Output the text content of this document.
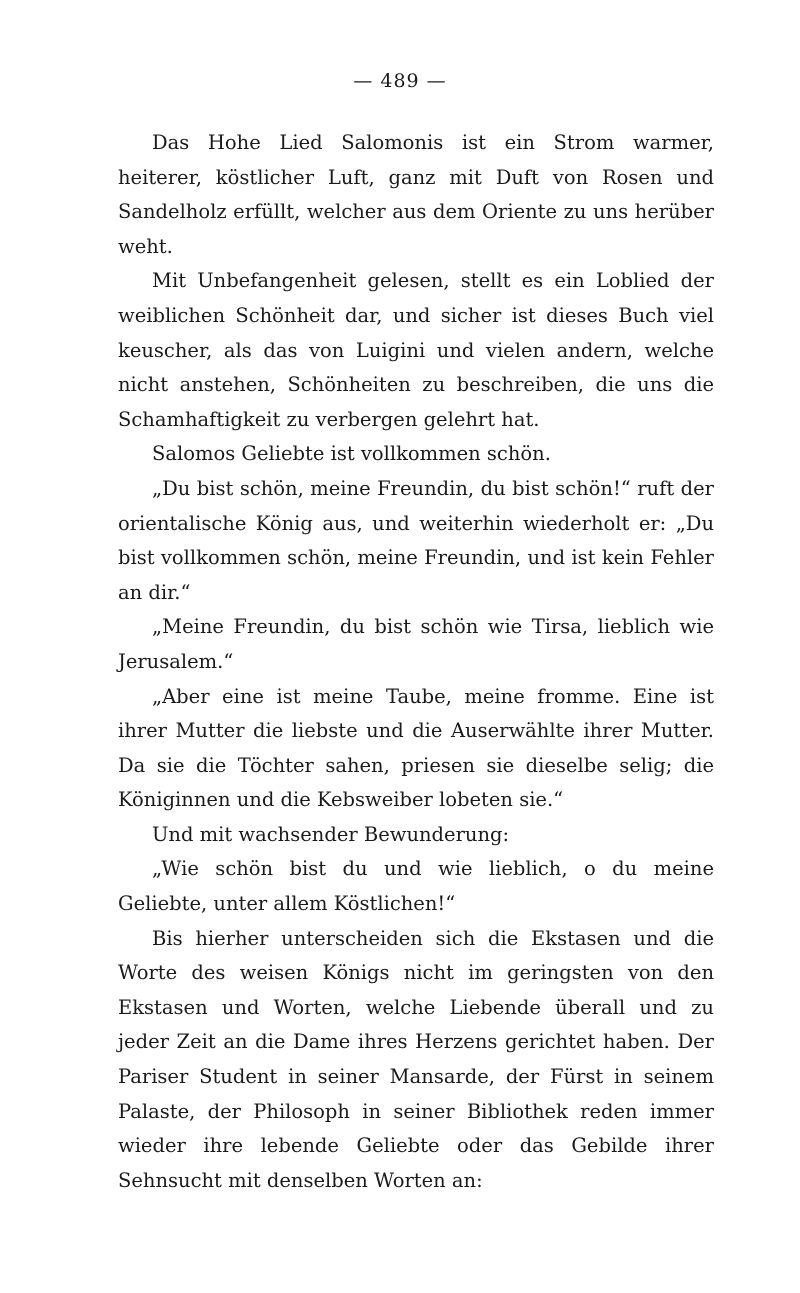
— 489 —

Das Hohe Lied Salomonis ist ein Strom warmer, heiterer, köstlicher Luft, ganz mit Duft von Rosen und Sandelholz erfüllt, welcher aus dem Oriente zu uns herüber weht.

Mit Unbefangenheit gelesen, stellt es ein Loblied der weiblichen Schönheit dar, und sicher ist dieses Buch viel keuscher, als das von Luigini und vielen andern, welche nicht anstehen, Schönheiten zu beschreiben, die uns die Schamhaftigkeit zu verbergen gelehrt hat.

Salomos Geliebte ist vollkommen schön.

„Du bist schön, meine Freundin, du bist schön!“ ruft der orientalische König aus, und weiterhin wiederholt er: „Du bist vollkommen schön, meine Freundin, und ist kein Fehler an dir.“

„Meine Freundin, du bist schön wie Tirsa, lieblich wie Jerusalem.“

„Aber eine ist meine Taube, meine fromme. Eine ist ihrer Mutter die liebste und die Auserwählte ihrer Mutter. Da sie die Töchter sahen, priesen sie dieselbe selig; die Königinnen und die Kebsweiber lobeten sie.“

Und mit wachsender Bewunderung:

„Wie schön bist du und wie lieblich, o du meine Geliebte, unter allem Köstlichen!“

Bis hierher unterscheiden sich die Ekstasen und die Worte des weisen Königs nicht im geringsten von den Ekstasen und Worten, welche Liebende überall und zu jeder Zeit an die Dame ihres Herzens gerichtet haben. Der Pariser Student in seiner Mansarde, der Fürst in seinem Palaste, der Philosoph in seiner Bibliothek reden immer wieder ihre lebende Geliebte oder das Gebilde ihrer Sehnsucht mit denselben Worten an:
